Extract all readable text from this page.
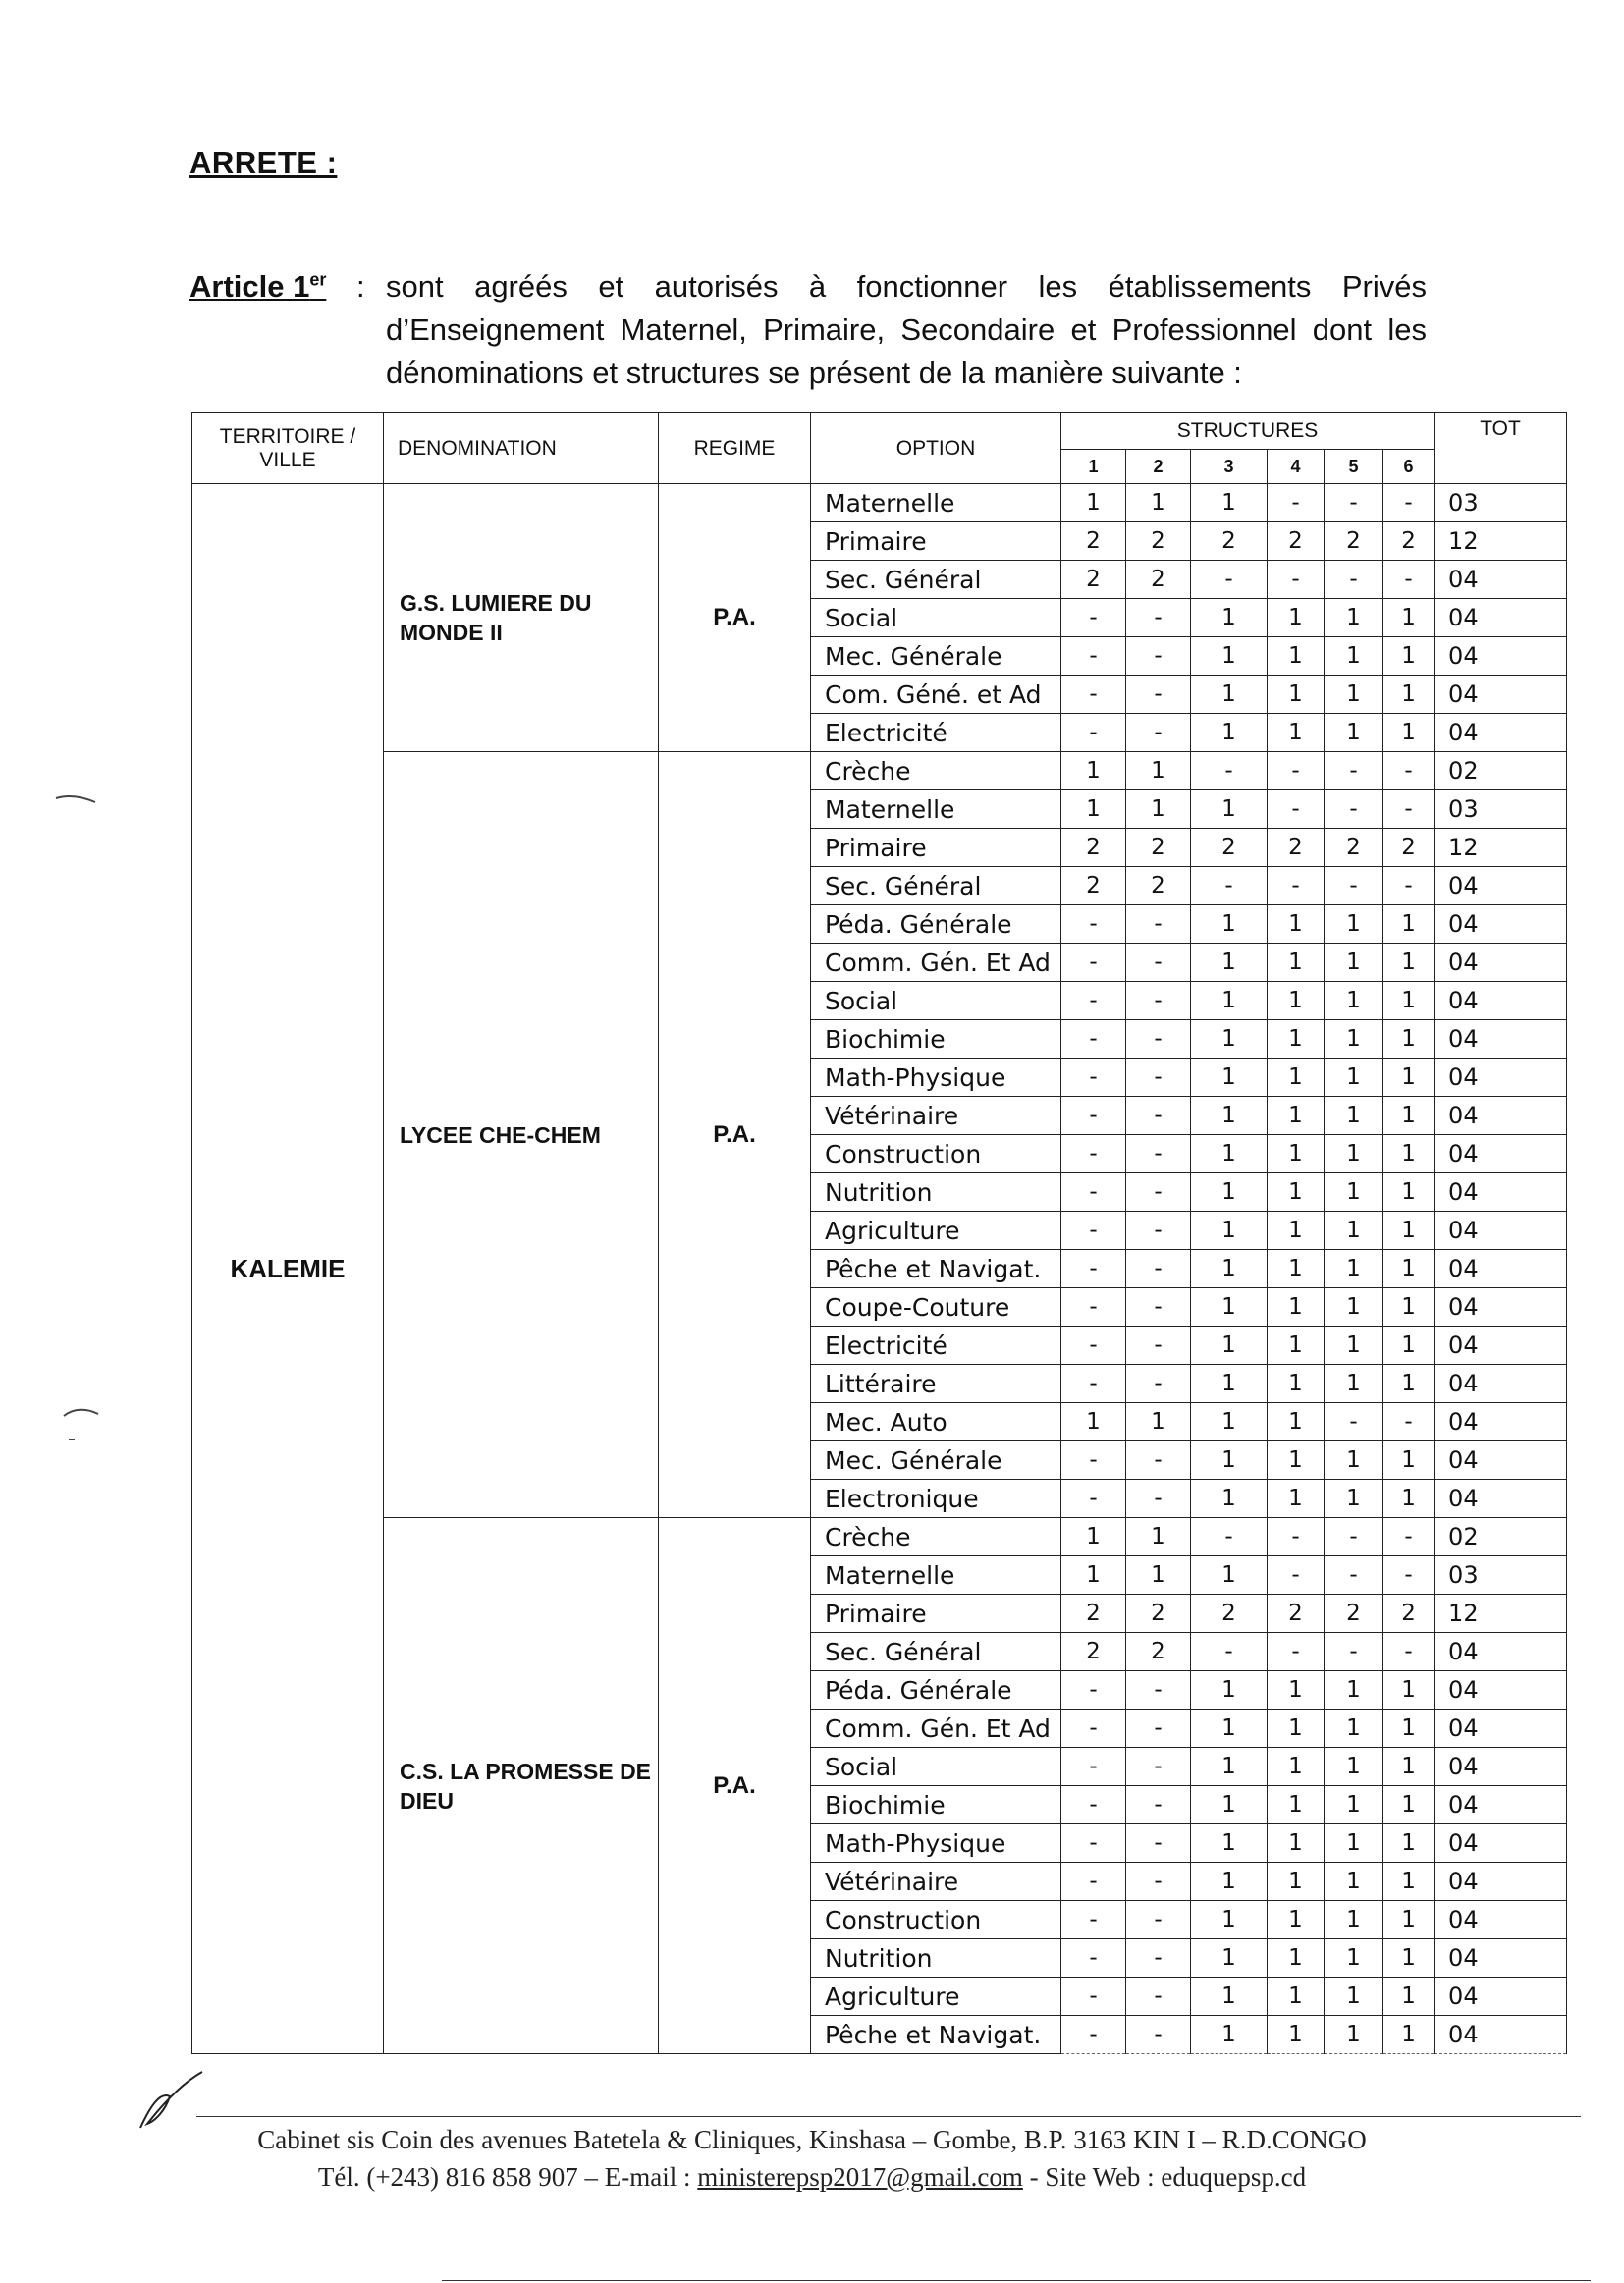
ARRETE :
Article 1er : sont agréés et autorisés à fonctionner les établissements Privés d’Enseignement Maternel, Primaire, Secondaire et Professionnel dont les dénominations et structures se présent de la manière suivante :
TERRITOIRE / VILLE	DENOMINATION	REGIME	OPTION	STRUCTURES						TOT
				1	2	3	4	5	6	
KALEMIE	G.S. LUMIERE DU MONDE II	P.A.	Maternelle	1	1	1	-	-	-	03
			Primaire	2	2	2	2	2	2	12
			Sec. Général	2	2	-	-	-	-	04
			Social	-	-	1	1	1	1	04
			Mec. Générale	-	-	1	1	1	1	04
			Com. Géné. et Ad	-	-	1	1	1	1	04
			Electricité	-	-	1	1	1	1	04
	LYCEE CHE-CHEM	P.A.	Crèche	1	1	-	-	-	-	02
			Maternelle	1	1	1	-	-	-	03
			Primaire	2	2	2	2	2	2	12
			Sec. Général	2	2	-	-	-	-	04
			Péda. Générale	-	-	1	1	1	1	04
			Comm. Gén. Et Ad	-	-	1	1	1	1	04
			Social	-	-	1	1	1	1	04
			Biochimie	-	-	1	1	1	1	04
			Math-Physique	-	-	1	1	1	1	04
			Vétérinaire	-	-	1	1	1	1	04
			Construction	-	-	1	1	1	1	04
			Nutrition	-	-	1	1	1	1	04
			Agriculture	-	-	1	1	1	1	04
			Pêche et Navigat.	-	-	1	1	1	1	04
			Coupe-Couture	-	-	1	1	1	1	04
			Electricité	-	-	1	1	1	1	04
			Littéraire	-	-	1	1	1	1	04
			Mec. Auto	1	1	1	1	-	-	04
			Mec. Générale	-	-	1	1	1	1	04
			Electronique	-	-	1	1	1	1	04
	C.S. LA PROMESSE DE DIEU	P.A.	Crèche	1	1	-	-	-	-	02
			Maternelle	1	1	1	-	-	-	03
			Primaire	2	2	2	2	2	2	12
			Sec. Général	2	2	-	-	-	-	04
			Péda. Générale	-	-	1	1	1	1	04
			Comm. Gén. Et Ad	-	-	1	1	1	1	04
			Social	-	-	1	1	1	1	04
			Biochimie	-	-	1	1	1	1	04
			Math-Physique	-	-	1	1	1	1	04
			Vétérinaire	-	-	1	1	1	1	04
			Construction	-	-	1	1	1	1	04
			Nutrition	-	-	1	1	1	1	04
			Agriculture	-	-	1	1	1	1	04
			Pêche et Navigat.	-	-	1	1	1	1	04
Cabinet sis Coin des avenues Batetela & Cliniques, Kinshasa – Gombe, B.P. 3163 KIN I – R.D.CONGO
Tél. (+243) 816 858 907 – E-mail : ministerepsp2017@gmail.com - Site Web : eduquepsp.cd
